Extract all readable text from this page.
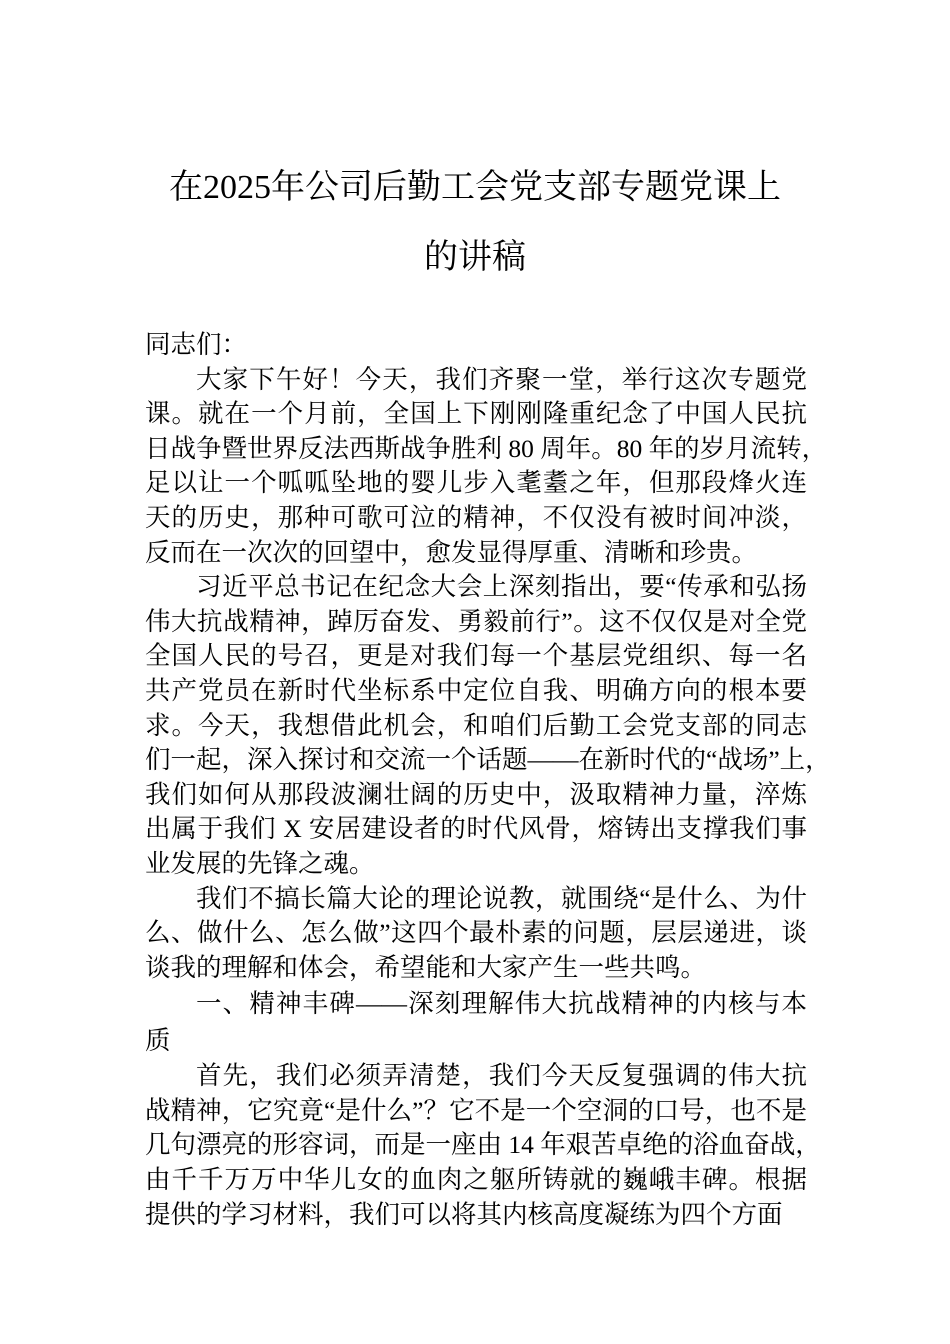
在2025年公司后勤工会党支部专题党课上
的讲稿
同志们：
大家下午好！今天，我们齐聚一堂，举行这次专题党
课。就在一个月前，全国上下刚刚隆重纪念了中国人民抗
日战争暨世界反法西斯战争胜利 80 周年。80 年的岁月流转，
足以让一个呱呱坠地的婴儿步入耄耋之年，但那段烽火连
天的历史，那种可歌可泣的精神，不仅没有被时间冲淡，
反而在一次次的回望中，愈发显得厚重、清晰和珍贵。
习近平总书记在纪念大会上深刻指出，要“传承和弘扬
伟大抗战精神，踔厉奋发、勇毅前行”。这不仅仅是对全党
全国人民的号召，更是对我们每一个基层党组织、每一名
共产党员在新时代坐标系中定位自我、明确方向的根本要
求。今天，我想借此机会，和咱们后勤工会党支部的同志
们一起，深入探讨和交流一个话题——在新时代的“战场”上，
我们如何从那段波澜壮阔的历史中，汲取精神力量，淬炼
出属于我们 X 安居建设者的时代风骨，熔铸出支撑我们事
业发展的先锋之魂。
我们不搞长篇大论的理论说教，就围绕“是什么、为什
么、做什么、怎么做”这四个最朴素的问题，层层递进，谈
谈我的理解和体会，希望能和大家产生一些共鸣。
一、精神丰碑——深刻理解伟大抗战精神的内核与本
质
首先，我们必须弄清楚，我们今天反复强调的伟大抗
战精神，它究竟“是什么”？它不是一个空洞的口号，也不是
几句漂亮的形容词，而是一座由 14 年艰苦卓绝的浴血奋战，
由千千万万中华儿女的血肉之躯所铸就的巍峨丰碑。根据
提供的学习材料，我们可以将其内核高度凝练为四个方面
